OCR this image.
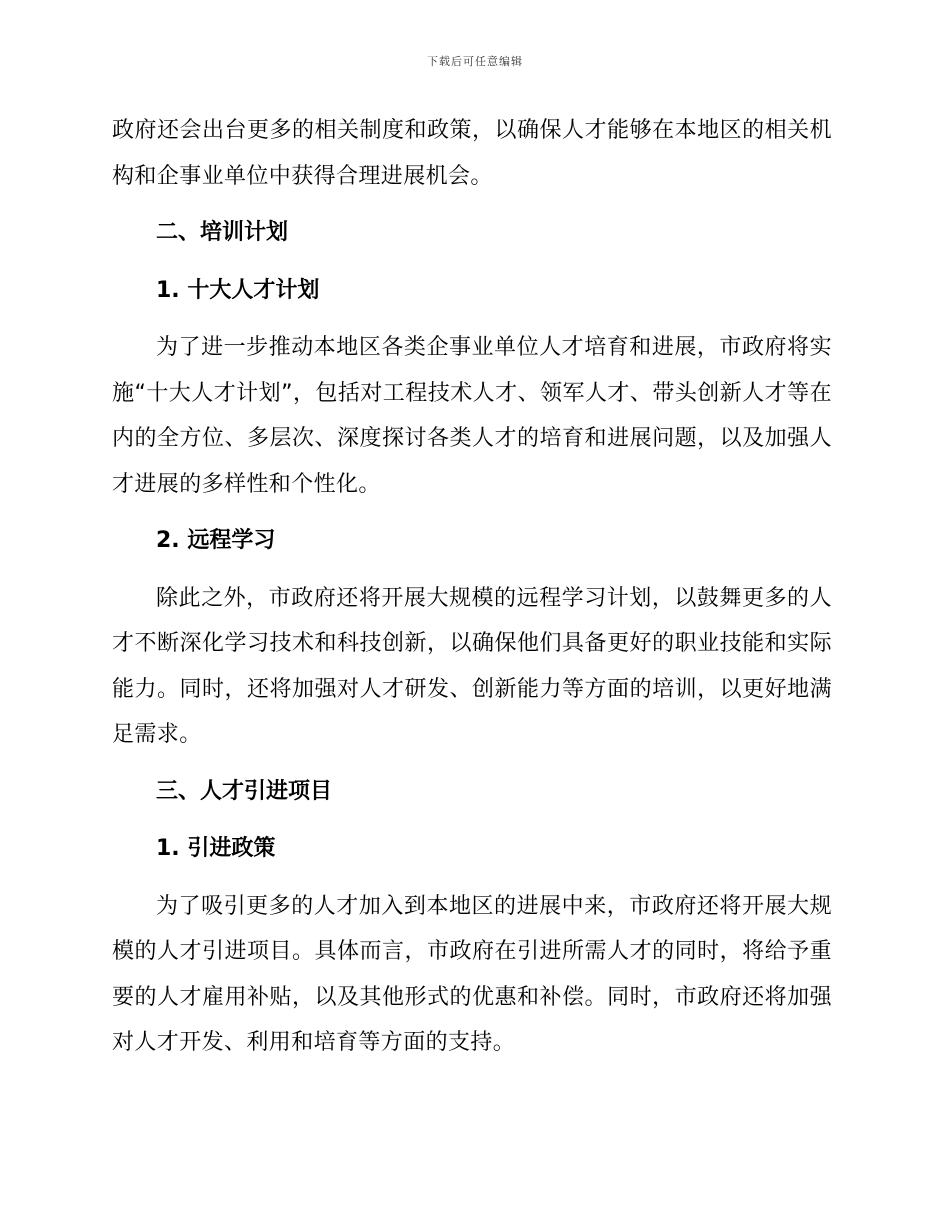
下载后可任意编辑

政府还会出台更多的相关制度和政策，以确保人才能够在本地区的相关机构和企事业单位中获得合理进展机会。

二、培训计划
1. 十大人才计划

为了进一步推动本地区各类企事业单位人才培育和进展，市政府将实施“十大人才计划”，包括对工程技术人才、领军人才、带头创新人才等在内的全方位、多层次、深度探讨各类人才的培育和进展问题，以及加强人才进展的多样性和个性化。

2. 远程学习

除此之外，市政府还将开展大规模的远程学习计划，以鼓舞更多的人才不断深化学习技术和科技创新，以确保他们具备更好的职业技能和实际能力。同时，还将加强对人才研发、创新能力等方面的培训，以更好地满足需求。

三、人才引进项目
1. 引进政策

为了吸引更多的人才加入到本地区的进展中来，市政府还将开展大规模的人才引进项目。具体而言，市政府在引进所需人才的同时，将给予重要的人才雇用补贴，以及其他形式的优惠和补偿。同时，市政府还将加强对人才开发、利用和培育等方面的支持。
